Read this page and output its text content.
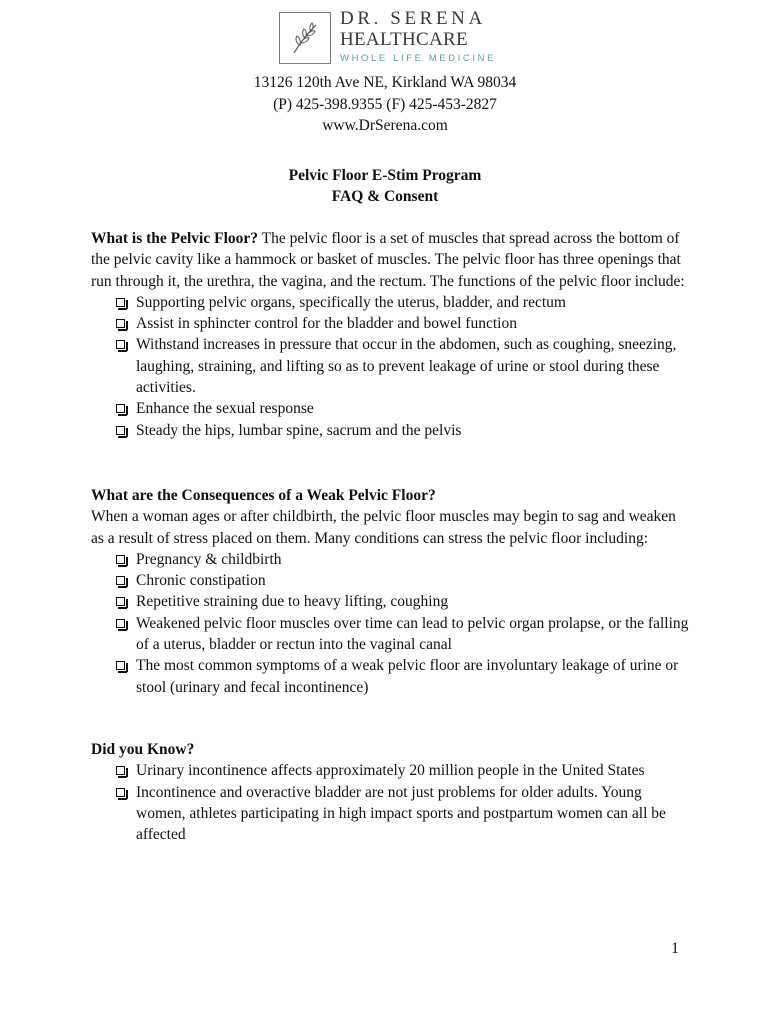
DR. SERENA
HEALTHCARE
WHOLE LIFE MEDICINE
13126 120th Ave NE, Kirkland WA 98034
(P) 425-398.9355 (F) 425-453-2827
www.DrSerena.com
Pelvic Floor E-Stim Program
FAQ & Consent

What is the Pelvic Floor? The pelvic floor is a set of muscles that spread across the bottom of the pelvic cavity like a hammock or basket of muscles. The pelvic floor has three openings that run through it, the urethra, the vagina, and the rectum. The functions of the pelvic floor include:

Supporting pelvic organs, specifically the uterus, bladder, and rectum
Assist in sphincter control for the bladder and bowel function
Withstand increases in pressure that occur in the abdomen, such as coughing, sneezing, laughing, straining, and lifting so as to prevent leakage of urine or stool during these activities.
Enhance the sexual response
Steady the hips, lumbar spine, sacrum and the pelvis

What are the Consequences of a Weak Pelvic Floor?

When a woman ages or after childbirth, the pelvic floor muscles may begin to sag and weaken as a result of stress placed on them. Many conditions can stress the pelvic floor including:

Pregnancy & childbirth
Chronic constipation
Repetitive straining due to heavy lifting, coughing
Weakened pelvic floor muscles over time can lead to pelvic organ prolapse, or the falling of a uterus, bladder or rectun into the vaginal canal
The most common symptoms of a weak pelvic floor are involuntary leakage of urine or stool (urinary and fecal incontinence)

Did you Know?

Urinary incontinence affects approximately 20 million people in the United States
Incontinence and overactive bladder are not just problems for older adults. Young women, athletes participating in high impact sports and postpartum women can all be affected
1
